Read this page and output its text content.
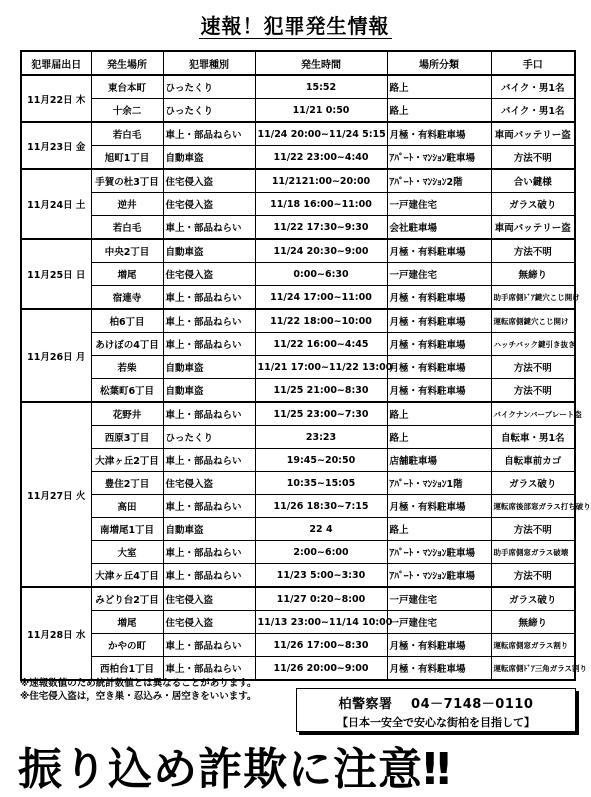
速報！犯罪発生情報
犯罪届出日	発生場所	犯罪種別	発生時間	場所分類	手口
11月22日 木	東台本町	ひったくり	15:52	路上	バイク・男1名
	十余二	ひったくり	11/21 0:50	路上	バイク・男1名
11月23日 金	若白毛	車上・部品ねらい	11/24 20:00~11/24 5:15	月極・有料駐車場	車両バッテリー盗
	旭町1丁目	自動車盗	11/22 23:00~4:40	ｱﾊﾟｰﾄ・ﾏﾝｼｮﾝ駐車場	方法不明
11月24日 土	手賀の杜3丁目	住宅侵入盗	11/2121:00~20:00	ｱﾊﾟｰﾄ・ﾏﾝｼｮﾝ2階	合い鍵様
	逆井	住宅侵入盗	11/18 16:00~11:00	一戸建住宅	ガラス破り
	若白毛	車上・部品ねらい	11/22 17:30~9:30	会社駐車場	車両バッテリー盗
11月25日 日	中央2丁目	自動車盗	11/24 20:30~9:00	月極・有料駐車場	方法不明
	増尾	住宅侵入盗	0:00~6:30	一戸建住宅	無締り
	宿連寺	車上・部品ねらい	11/24 17:00~11:00	月極・有料駐車場	助手席側ﾄﾞｱ鍵穴こじ開け
11月26日 月	柏6丁目	車上・部品ねらい	11/22 18:00~10:00	月極・有料駐車場	運転席側鍵穴こじ開け
	あけぼの4丁目	車上・部品ねらい	11/22 16:00~4:45	月極・有料駐車場	ハッチバック鍵引き抜き
	若柴	自動車盗	11/21 17:00~11/22 13:00	月極・有料駐車場	方法不明
	松葉町6丁目	自動車盗	11/25 21:00~8:30	月極・有料駐車場	方法不明
11月27日 火	花野井	車上・部品ねらい	11/25 23:00~7:30	路上	バイクナンバープレート盗
	西原3丁目	ひったくり	23:23	路上	自転車・男1名
	大津ヶ丘2丁目	車上・部品ねらい	19:45~20:50	店舗駐車場	自転車前カゴ
	豊住2丁目	住宅侵入盗	10:35~15:05	ｱﾊﾟｰﾄ・ﾏﾝｼｮﾝ1階	ガラス破り
	高田	車上・部品ねらい	11/26 18:30~7:15	月極・有料駐車場	運転席後部窓ガラス打ち破り
	南増尾1丁目	自動車盗	22 4	路上	方法不明
	大室	車上・部品ねらい	2:00~6:00	ｱﾊﾟｰﾄ・ﾏﾝｼｮﾝ駐車場	助手席側窓ガラス破壊
	大津ヶ丘4丁目	車上・部品ねらい	11/23 5:00~3:30	ｱﾊﾟｰﾄ・ﾏﾝｼｮﾝ駐車場	方法不明
11月28日 水	みどり台2丁目	住宅侵入盗	11/27 0:20~8:00	一戸建住宅	ガラス破り
	増尾	住宅侵入盗	11/13 23:00~11/14 10:00	一戸建住宅	無締り
	かやの町	車上・部品ねらい	11/26 17:00~8:30	月極・有料駐車場	運転席側窓ガラス割り
	西柏台1丁目	車上・部品ねらい	11/26 20:00~9:00	月極・有料駐車場	運転席側ﾄﾞｱ三角ガラス割り
※速報数値のため統計数値とは異なることがあります。
※住宅侵入盗は，空き巣・忍込み・居空きをいいます。
柏警察署　 04－7148－0110
【日本一安全で安心な街柏を目指して】
振り込め詐欺に注意‼
